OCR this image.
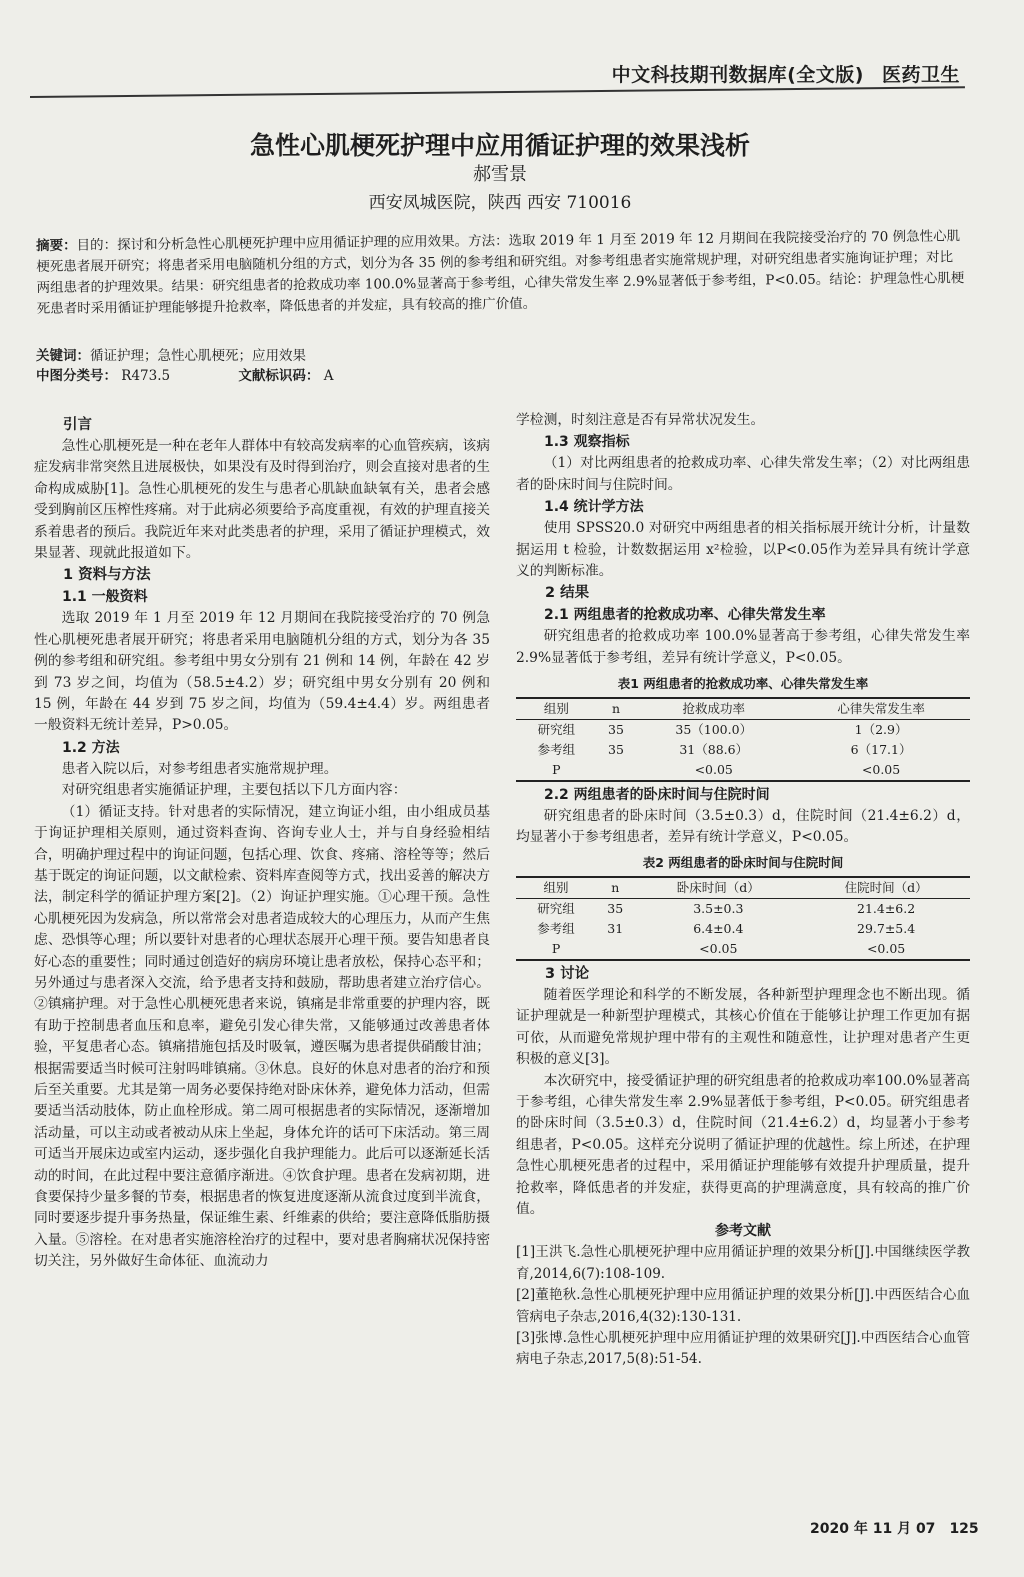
中文科技期刊数据库(全文版) 医药卫生
急性心肌梗死护理中应用循证护理的效果浅析
郝雪景
西安凤城医院，陕西 西安 710016
摘要：目的：探讨和分析急性心肌梗死护理中应用循证护理的应用效果。方法：选取 2019 年 1 月至 2019 年 12 月期间在我院接受治疗的 70 例急性心肌梗死患者展开研究；将患者采用电脑随机分组的方式，划分为各 35 例的参考组和研究组。对参考组患者实施常规护理，对研究组患者实施询证护理；对比两组患者的护理效果。结果：研究组患者的抢救成功率 100.0%显著高于参考组，心律失常发生率 2.9%显著低于参考组，P<0.05。结论：护理急性心肌梗死患者时采用循证护理能够提升抢救率，降低患者的并发症，具有较高的推广价值。
关键词：循证护理；急性心肌梗死；应用效果
中图分类号： R473.5	文献标识码： A
引言

急性心肌梗死是一种在老年人群体中有较高发病率的心血管疾病，该病症发病非常突然且进展极快，如果没有及时得到治疗，则会直接对患者的生命构成威胁[1]。急性心肌梗死的发生与患者心肌缺血缺氧有关，患者会感受到胸前区压榨性疼痛。对于此病必须要给予高度重视，有效的护理直接关系着患者的预后。我院近年来对此类患者的护理，采用了循证护理模式，效果显著、现就此报道如下。

1 资料与方法
1.1 一般资料

选取 2019 年 1 月至 2019 年 12 月期间在我院接受治疗的 70 例急性心肌梗死患者展开研究；将患者采用电脑随机分组的方式，划分为各 35 例的参考组和研究组。参考组中男女分别有 21 例和 14 例，年龄在 42 岁到 73 岁之间，均值为（58.5±4.2）岁；研究组中男女分别有 20 例和 15 例，年龄在 44 岁到 75 岁之间，均值为（59.4±4.4）岁。两组患者一般资料无统计差异，P>0.05。

1.2 方法

患者入院以后，对参考组患者实施常规护理。

对研究组患者实施循证护理，主要包括以下几方面内容：

（1）循证支持。针对患者的实际情况，建立询证小组，由小组成员基于询证护理相关原则，通过资料查询、咨询专业人士，并与自身经验相结合，明确护理过程中的询证问题，包括心理、饮食、疼痛、溶栓等等；然后基于既定的询证问题，以文献检索、资料库查阅等方式，找出妥善的解决方法，制定科学的循证护理方案[2]。（2）询证护理实施。①心理干预。急性心肌梗死因为发病急，所以常常会对患者造成较大的心理压力，从而产生焦虑、恐惧等心理；所以要针对患者的心理状态展开心理干预。要告知患者良好心态的重要性；同时通过创造好的病房环境让患者放松，保持心态平和；另外通过与患者深入交流，给予患者支持和鼓励，帮助患者建立治疗信心。②镇痛护理。对于急性心肌梗死患者来说，镇痛是非常重要的护理内容，既有助于控制患者血压和息率，避免引发心律失常，又能够通过改善患者体验，平复患者心态。镇痛措施包括及时吸氧，遵医嘱为患者提供硝酸甘油；根据需要适当时候可注射吗啡镇痛。③休息。良好的休息对患者的治疗和预后至关重要。尤其是第一周务必要保持绝对卧床休养，避免体力活动，但需要适当活动肢体，防止血栓形成。第二周可根据患者的实际情况，逐渐增加活动量，可以主动或者被动从床上坐起，身体允许的话可下床活动。第三周可适当开展床边或室内运动，逐步强化自我护理能力。此后可以逐渐延长活动的时间，在此过程中要注意循序渐进。④饮食护理。患者在发病初期，进食要保持少量多餐的节奏，根据患者的恢复进度逐渐从流食过度到半流食，同时要逐步提升事务热量，保证维生素、纤维素的供给；要注意降低脂肪摄入量。⑤溶栓。在对患者实施溶栓治疗的过程中，要对患者胸痛状况保持密切关注，另外做好生命体征、血流动力

学检测，时刻注意是否有异常状况发生。

1.3 观察指标

（1）对比两组患者的抢救成功率、心律失常发生率；（2）对比两组患者的卧床时间与住院时间。

1.4 统计学方法

使用 SPSS20.0 对研究中两组患者的相关指标展开统计分析，计量数据运用 t 检验，计数数据运用 x²检验，以P<0.05作为差异具有统计学意义的判断标准。

2 结果
2.1 两组患者的抢救成功率、心律失常发生率

研究组患者的抢救成功率 100.0%显著高于参考组，心律失常发生率 2.9%显著低于参考组，差异有统计学意义，P<0.05。

表1 两组患者的抢救成功率、心律失常发生率
组别	n	抢救成功率	心律失常发生率
研究组	35	35（100.0）	1（2.9）
参考组	35	31（88.6）	6（17.1）
P		<0.05	<0.05
2.2 两组患者的卧床时间与住院时间

研究组患者的卧床时间（3.5±0.3）d，住院时间（21.4±6.2）d，均显著小于参考组患者，差异有统计学意义，P<0.05。

表2 两组患者的卧床时间与住院时间
组别	n	卧床时间（d）	住院时间（d）
研究组	35	3.5±0.3	21.4±6.2
参考组	31	6.4±0.4	29.7±5.4
P		<0.05	<0.05
3 讨论

随着医学理论和科学的不断发展，各种新型护理理念也不断出现。循证护理就是一种新型护理模式，其核心价值在于能够让护理工作更加有据可依，从而避免常规护理中带有的主观性和随意性，让护理对患者产生更积极的意义[3]。

本次研究中，接受循证护理的研究组患者的抢救成功率100.0%显著高于参考组，心律失常发生率 2.9%显著低于参考组，P<0.05。研究组患者的卧床时间（3.5±0.3）d，住院时间（21.4±6.2）d，均显著小于参考组患者，P<0.05。这样充分说明了循证护理的优越性。综上所述，在护理急性心肌梗死患者的过程中，采用循证护理能够有效提升护理质量，提升抢救率，降低患者的并发症，获得更高的护理满意度，具有较高的推广价值。

参考文献

[1]王洪飞.急性心肌梗死护理中应用循证护理的效果分析[J].中国继续医学教育,2014,6(7):108-109.

[2]董艳秋.急性心肌梗死护理中应用循证护理的效果分析[J].中西医结合心血管病电子杂志,2016,4(32):130-131.

[3]张博.急性心肌梗死护理中应用循证护理的效果研究[J].中西医结合心血管病电子杂志,2017,5(8):51-54.

2020 年 11 月 07 125
